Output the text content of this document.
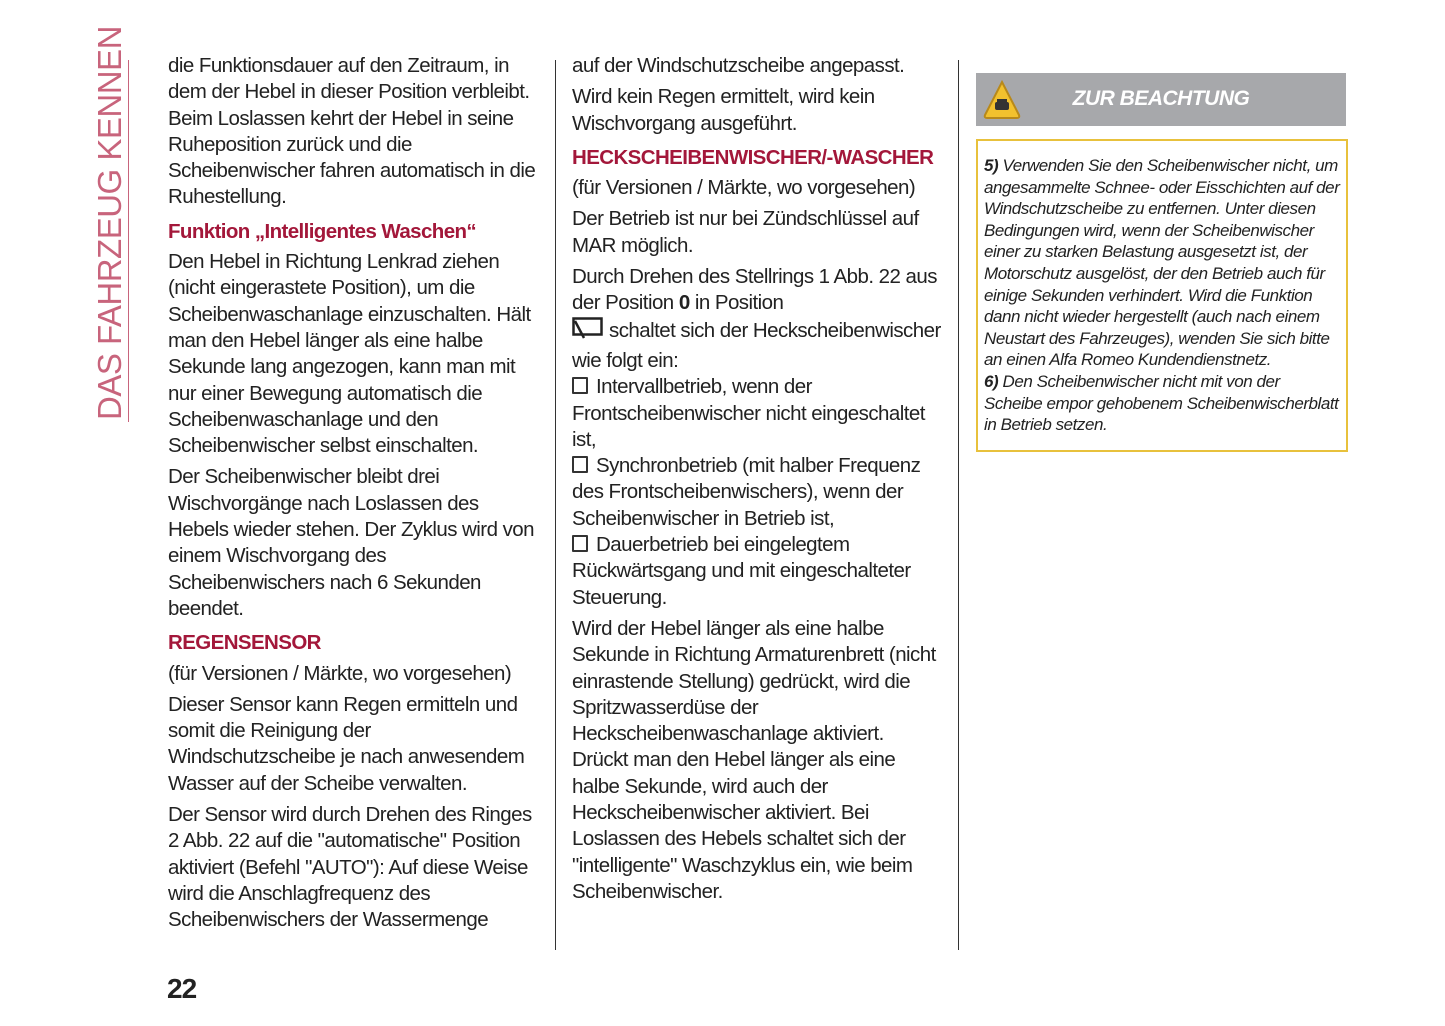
DAS FAHRZEUG KENNEN die Funktionsdauer auf den Zeitraum, in dem der Hebel in dieser Position verbleibt. Beim Loslassen kehrt der Hebel in seine Ruheposition zurück und die Scheibenwischer fahren automatisch in die Ruhestellung.

Funktion „Intelligentes Waschen“

Den Hebel in Richtung Lenkrad ziehen (nicht eingerastete Position), um die Scheibenwaschanlage einzuschalten. Hält man den Hebel länger als eine halbe Sekunde lang angezogen, kann man mit nur einer Bewegung automatisch die Scheibenwaschanlage und den Scheibenwischer selbst einschalten.

Der Scheibenwischer bleibt drei Wischvorgänge nach Loslassen des Hebels wieder stehen. Der Zyklus wird von einem Wischvorgang des Scheibenwischers nach 6 Sekunden beendet.

REGENSENSOR

(für Versionen / Märkte, wo vorgesehen)

Dieser Sensor kann Regen ermitteln und somit die Reinigung der Windschutzscheibe je nach anwesendem Wasser auf der Scheibe verwalten.

Der Sensor wird durch Drehen des Ringes 2 Abb. 22 auf die "automatische" Position aktiviert (Befehl "AUTO"): Auf diese Weise wird die Anschlagfrequenz des Scheibenwischers der Wassermenge

auf der Windschutzscheibe angepasst.

Wird kein Regen ermittelt, wird kein Wischvorgang ausgeführt.

HECKSCHEIBENWISCHER/-WASCHER

(für Versionen / Märkte, wo vorgesehen)

Der Betrieb ist nur bei Zündschlüssel auf MAR möglich.

Durch Drehen des Stellrings 1 Abb. 22 aus der Position 0 in Position
schaltet sich der Heckscheibenwischer wie folgt ein:

Intervallbetrieb, wenn der Frontscheibenwischer nicht eingeschaltet ist,
Synchronbetrieb (mit halber Frequenz des Frontscheibenwischers), wenn der Scheibenwischer in Betrieb ist,
Dauerbetrieb bei eingelegtem Rückwärtsgang und mit eingeschalteter Steuerung.

Wird der Hebel länger als eine halbe Sekunde in Richtung Armaturenbrett (nicht einrastende Stellung) gedrückt, wird die Spritzwasserdüse der Heckscheibenwaschanlage aktiviert. Drückt man den Hebel länger als eine halbe Sekunde, wird auch der Heckscheibenwischer aktiviert. Bei Loslassen des Hebels schaltet sich der "intelligente" Waschzyklus ein, wie beim Scheibenwischer.

ZUR BEACHTUNG

5) Verwenden Sie den Scheibenwischer nicht, um angesammelte Schnee- oder Eisschichten auf der Windschutzscheibe zu entfernen. Unter diesen Bedingungen wird, wenn der Scheibenwischer einer zu starken Belastung ausgesetzt ist, der Motorschutz ausgelöst, der den Betrieb auch für einige Sekunden verhindert. Wird die Funktion dann nicht wieder hergestellt (auch nach einem Neustart des Fahrzeuges), wenden Sie sich bitte an einen Alfa Romeo Kundendienstnetz.

6) Den Scheibenwischer nicht mit von der Scheibe empor gehobenem Scheibenwischerblatt in Betrieb setzen.

22
